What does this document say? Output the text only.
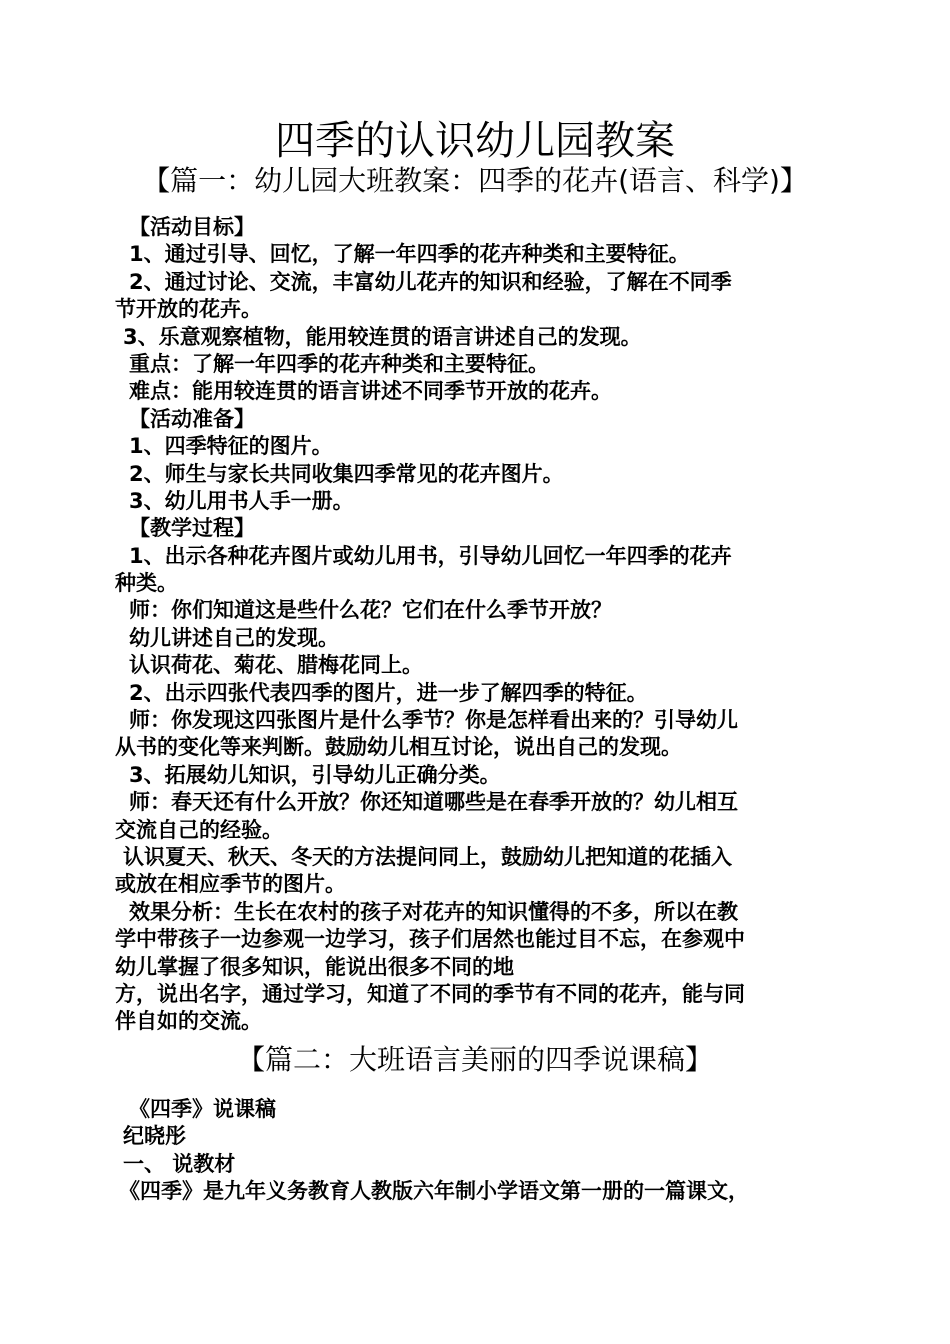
四季的认识幼儿园教案
【篇一：幼儿园大班教案：四季的花卉(语言、科学)】
【活动目标】
1、通过引导、回忆，了解一年四季的花卉种类和主要特征。
2、通过讨论、交流，丰富幼儿花卉的知识和经验，了解在不同季
节开放的花卉。
3、乐意观察植物，能用较连贯的语言讲述自己的发现。
重点：了解一年四季的花卉种类和主要特征。
难点：能用较连贯的语言讲述不同季节开放的花卉。
【活动准备】
1、四季特征的图片。
2、师生与家长共同收集四季常见的花卉图片。
3、幼儿用书人手一册。
【教学过程】
1、出示各种花卉图片或幼儿用书，引导幼儿回忆一年四季的花卉
种类。
师：你们知道这是些什么花？它们在什么季节开放？
幼儿讲述自己的发现。
认识荷花、菊花、腊梅花同上。
2、出示四张代表四季的图片，进一步了解四季的特征。
师：你发现这四张图片是什么季节？你是怎样看出来的？引导幼儿
从书的变化等来判断。鼓励幼儿相互讨论，说出自己的发现。
3、拓展幼儿知识，引导幼儿正确分类。
师：春天还有什么开放？你还知道哪些是在春季开放的？幼儿相互
交流自己的经验。
认识夏天、秋天、冬天的方法提问同上，鼓励幼儿把知道的花插入
或放在相应季节的图片。
效果分析：生长在农村的孩子对花卉的知识懂得的不多，所以在教
学中带孩子一边参观一边学习，孩子们居然也能过目不忘，在参观中
幼儿掌握了很多知识，能说出很多不同的地
方，说出名字，通过学习，知道了不同的季节有不同的花卉，能与同
伴自如的交流。
【篇二：大班语言美丽的四季说课稿】
《四季》说课稿
纪晓彤
一、 说教材
《四季》是九年义务教育人教版六年制小学语文第一册的一篇课文，
